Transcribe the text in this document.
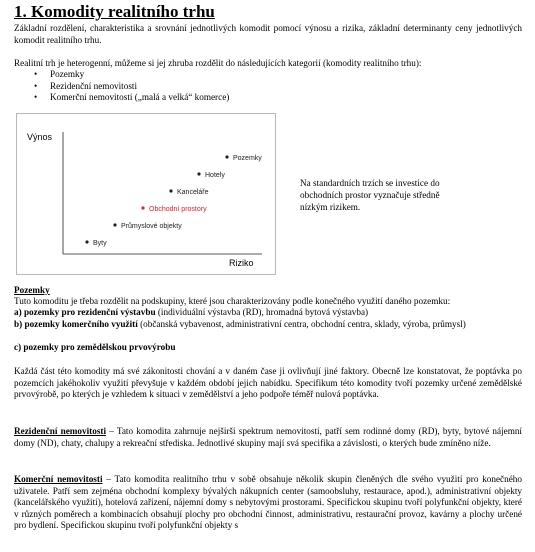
1. Komodity realitního trhu
Základní rozdělení, charakteristika a srovnání jednotlivých komodit pomocí výnosu a rizika, základní determinanty ceny jednotlivých komodit realitního trhu.
Realitní trh je heterogenní, můžeme si jej zhruba rozdělit do následujících kategorií (komodity realitního trhu):
• Pozemky
• Rezidenční nemovitosti
• Komerční nemovitosti („malá a velká“ komerce)
Výnos
Riziko
Byty
Průmyslové objekty
Obchodní prostory
Kanceláře
Hotely
Pozemky
Na standardních trzích se investice do obchodních prostor vyznačuje středně nízkým rizikem.
Pozemky
Tuto komoditu je třeba rozdělit na podskupiny, které jsou charakterizovány podle konečného využití daného pozemku:
a) pozemky pro rezidenční výstavbu (individuální výstavba (RD), hromadná bytová výstavba)
b) pozemky komerčního využití (občanská vybavenost, administrativní centra, obchodní centra, sklady, výroba, průmysl)
c) pozemky pro zemědělskou prvovýrobu
Každá část této komodity má své zákonitosti chování a v daném čase ji ovlivňují jiné faktory. Obecně lze konstatovat, že poptávka po pozemcích jakéhokoliv využití převyšuje v každém období jejich nabídku. Specifikum této komodity tvoří pozemky určené zemědělské prvovýrobě, po kterých je vzhledem k situaci v zemědělství a jeho podpoře téměř nulová poptávka.
Rezidenční nemovitosti – Tato komodita zahrnuje nejširší spektrum nemovitostí, patří sem rodinné domy (RD), byty, bytové nájemní domy (ND), chaty, chalupy a rekreační střediska. Jednotlivé skupiny mají svá specifika a závislosti, o kterých bude zmíněno níže.
Komerční nemovitosti – Tato komodita realitního trhu v sobě obsahuje několik skupin členěných dle svého využití pro konečného uživatele. Patří sem zejména obchodní komplexy bývalých nákupních center (samoobsluhy, restaurace, apod.), administrativní objekty (kancelářského využití), hotelová zařízení, nájemní domy s nebytovými prostorami. Specifickou skupinu tvoří polyfunkční objekty, které v různých poměrech a kombinacích obsahují plochy pro obchodní činnost, administrativu, restaurační provoz, kavárny a plochy určené pro bydlení. Specifickou skupinu tvoří polyfunkční objekty s
